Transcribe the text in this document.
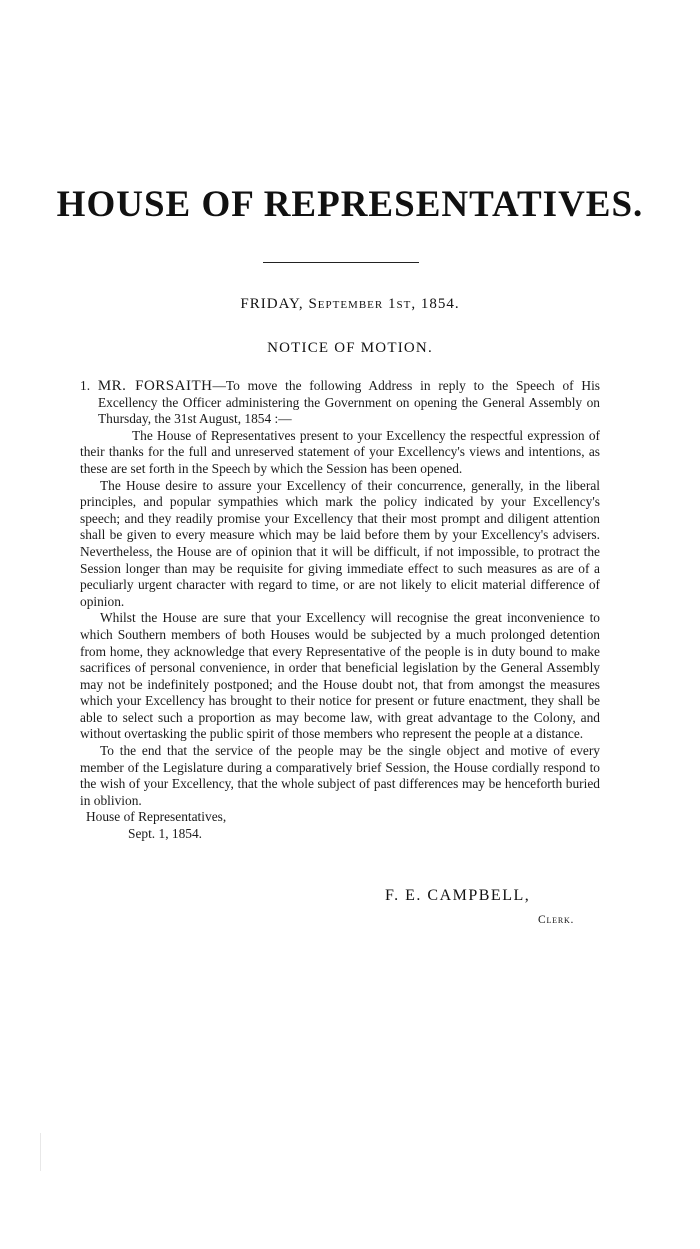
HOUSE OF REPRESENTATIVES.
FRIDAY, September 1st, 1854.
NOTICE OF MOTION.

1. MR. FORSAITH—To move the following Address in reply to the Speech of His Excellency the Officer administering the Government on opening the General Assembly on Thursday, the 31st August, 1854 :—

The House of Representatives present to your Excellency the respectful expression of their thanks for the full and unreserved statement of your Excellency's views and intentions, as these are set forth in the Speech by which the Session has been opened.

The House desire to assure your Excellency of their concurrence, generally, in the liberal principles, and popular sympathies which mark the policy indicated by your Excellency's speech; and they readily promise your Excellency that their most prompt and diligent attention shall be given to every measure which may be laid before them by your Excellency's advisers. Nevertheless, the House are of opinion that it will be difficult, if not impossible, to protract the Session longer than may be requisite for giving immediate effect to such measures as are of a peculiarly urgent character with regard to time, or are not likely to elicit material difference of opinion.

Whilst the House are sure that your Excellency will recognise the great inconvenience to which Southern members of both Houses would be subjected by a much prolonged detention from home, they acknowledge that every Representative of the people is in duty bound to make sacrifices of personal convenience, in order that beneficial legislation by the General Assembly may not be indefinitely postponed; and the House doubt not, that from amongst the measures which your Excellency has brought to their notice for present or future enactment, they shall be able to select such a proportion as may become law, with great advantage to the Colony, and without overtasking the public spirit of those members who represent the people at a distance.

To the end that the service of the people may be the single object and motive of every member of the Legislature during a comparatively brief Session, the House cordially respond to the wish of your Excellency, that the whole subject of past differences may be henceforth buried in oblivion.

House of Representatives,

Sept. 1, 1854.

F. E. CAMPBELL,
Clerk.
